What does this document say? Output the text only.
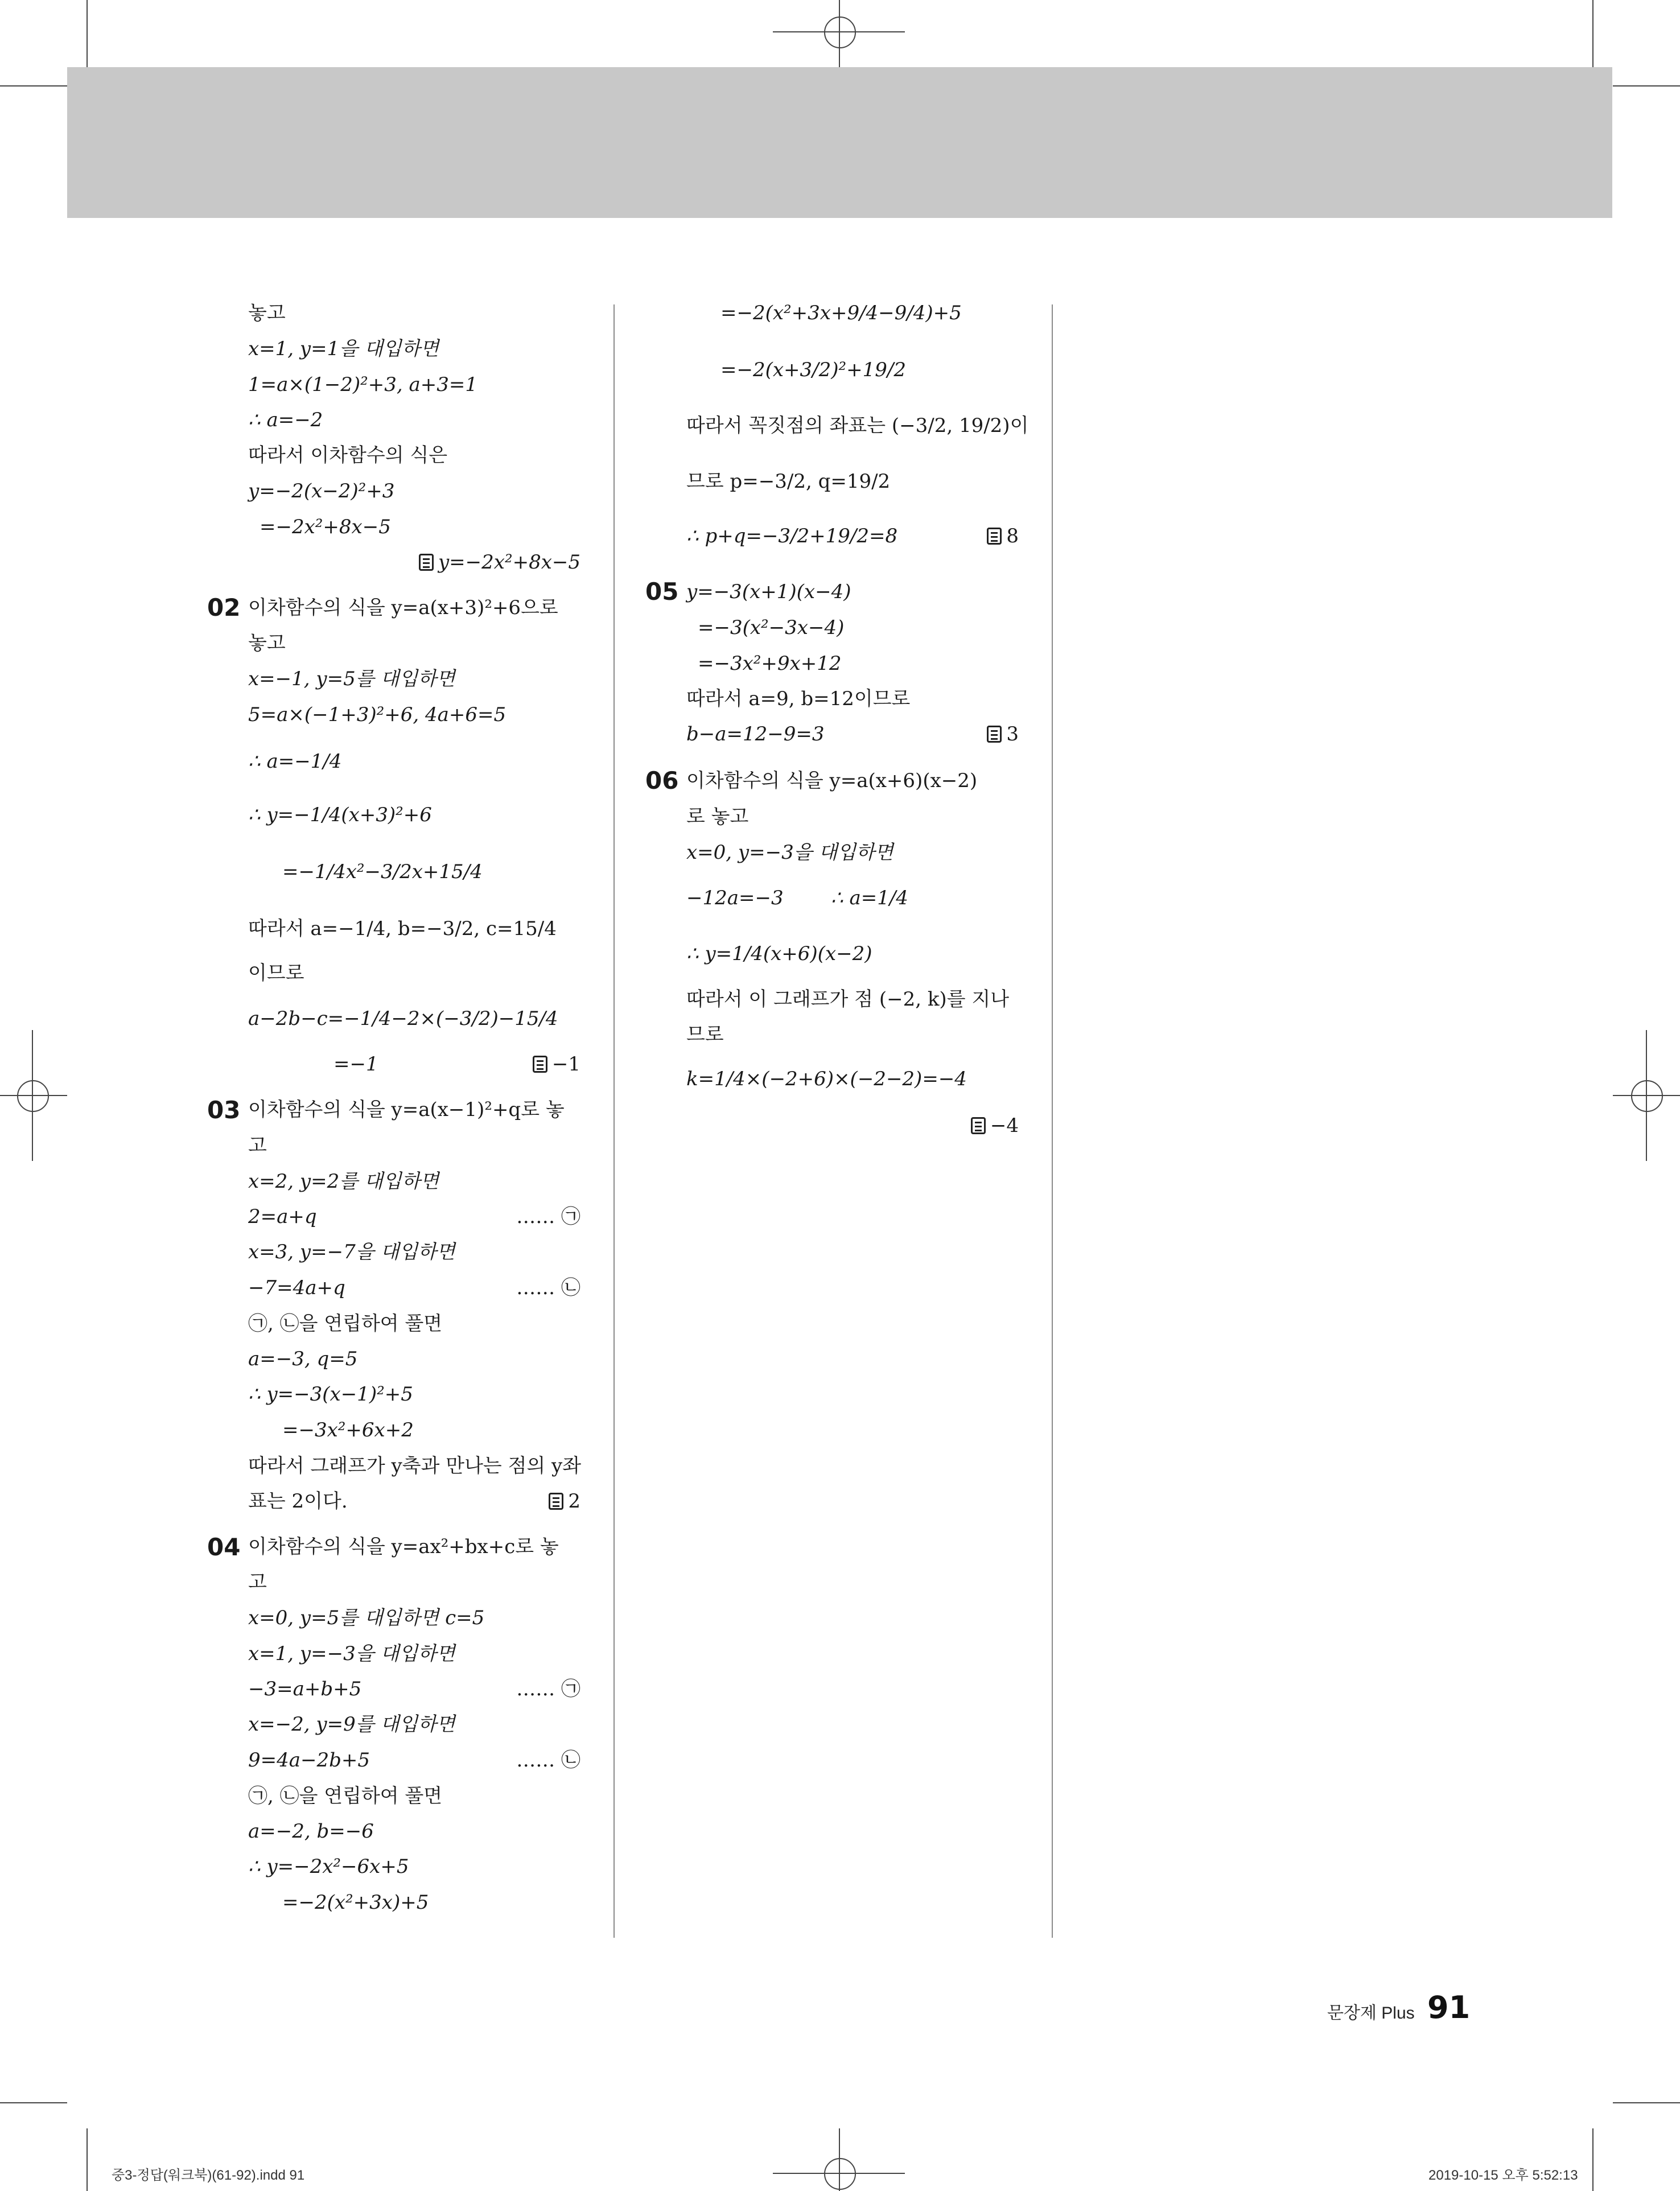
놓고
x=1, y=1을 대입하면
1=a×(1−2)²+3, a+3=1
∴ a=−2
따라서 이차함수의 식은
y=−2(x−2)²+3
=−2x²+8x−5
y=−2x²+8x−5
02 이차함수의 식을 y=a(x+3)²+6으로
놓고
x=−1, y=5를 대입하면
5=a×(−1+3)²+6, 4a+6=5
∴ a=−1/4
∴ y=−1/4(x+3)²+6
=−1/4x²−3/2x+15/4
따라서 a=−1/4, b=−3/2, c=15/4
이므로
a−2b−c=−1/4−2×(−3/2)−15/4
=−1	−1
03 이차함수의 식을 y=a(x−1)²+q로 놓
고
x=2, y=2를 대입하면
2=a+q	…… ㉠
x=3, y=−7을 대입하면
−7=4a+q	…… ㉡
㉠, ㉡을 연립하여 풀면
a=−3, q=5
∴ y=−3(x−1)²+5
=−3x²+6x+2
따라서 그래프가 y축과 만나는 점의 y좌
표는 2이다.	2
04 이차함수의 식을 y=ax²+bx+c로 놓
고
x=0, y=5를 대입하면 c=5
x=1, y=−3을 대입하면
−3=a+b+5	…… ㉠
x=−2, y=9를 대입하면
9=4a−2b+5	…… ㉡
㉠, ㉡을 연립하여 풀면
a=−2, b=−6
∴ y=−2x²−6x+5
=−2(x²+3x)+5
=−2(x²+3x+9/4−9/4)+5
=−2(x+3/2)²+19/2
따라서 꼭짓점의 좌표는 (−3/2, 19/2)이
므로 p=−3/2, q=19/2
∴ p+q=−3/2+19/2=8	8
05 y=−3(x+1)(x−4)
=−3(x²−3x−4)
=−3x²+9x+12
따라서 a=9, b=12이므로
b−a=12−9=3	3
06 이차함수의 식을 y=a(x+6)(x−2)
로 놓고
x=0, y=−3을 대입하면
−12a=−3 ∴ a=1/4
∴ y=1/4(x+6)(x−2)
따라서 이 그래프가 점 (−2, k)를 지나
므로
k=1/4×(−2+6)×(−2−2)=−4
−4
문장제 Plus 91
중3-정답(워크북)(61-92).indd 91	2019-10-15 오후 5:52:13
